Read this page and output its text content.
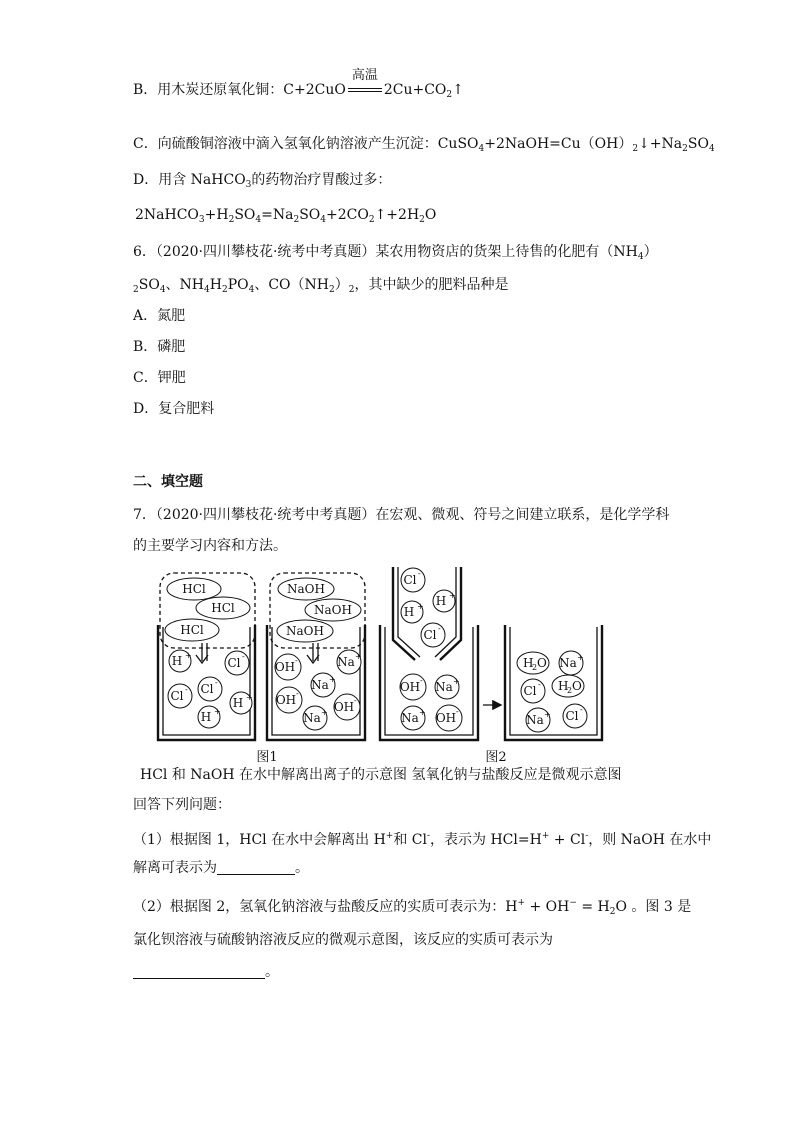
B．用木炭还原氧化铜：C+2CuO
高温
$2Cu+CO_2↑$
C．向硫酸铜溶液中滴入氢氧化钠溶液产生沉淀：$CuSO_4+2NaOH=Cu(OH)_2↓+Na_2SO_4$
D．用含 NaHCO$_3$的药物治疗胃酸过多：
$2NaHCO_3+H_2SO_4=Na_2SO_4+2CO_2↑+2H_2O$
6．（2020·四川攀枝花·统考中考真题）某农用物资店的货架上待售的化肥有$(NH_4)$
$_2SO_4$、$NH_4H_2PO_4$、$CO(NH_2)_2$，其中缺少的肥料品种是
A．氮肥
B．磷肥
C．钾肥
D．复合肥料
二、填空题
7．（2020·四川攀枝花·统考中考真题）在宏观、微观、符号之间建立联系，是化学学科
的主要学习内容和方法。
HCl
HCl
HCl
NaOH
NaOH
NaOH
H +
Cl -
Cl -
Cl -
H +
H +
OH -	Na +
Na +
OH -
OH -
Na +
Cl -
H + H +
Cl -
OH - Na +
Na + OH -
H
2 O Na +
Cl - H
2 O
Na + Cl -
图1	图2
HCl 和 NaOH 在水中解离出离子的示意图 氢氧化钠与盐酸反应是微观示意图
回答下列问题：
（1）根据图 1，HCl 在水中会解离出 H+和 Cl-，表示为 HCl=H+ + Cl-，则 NaOH 在水中
解离可表示为	。
（2）根据图 2，氢氧化钠溶液与盐酸反应的实质可表示为：$H^+ + OH^- = H_2O$ 。图 3 是
氯化钡溶液与硫酸钠溶液反应的微观示意图，该反应的实质可表示为
。
